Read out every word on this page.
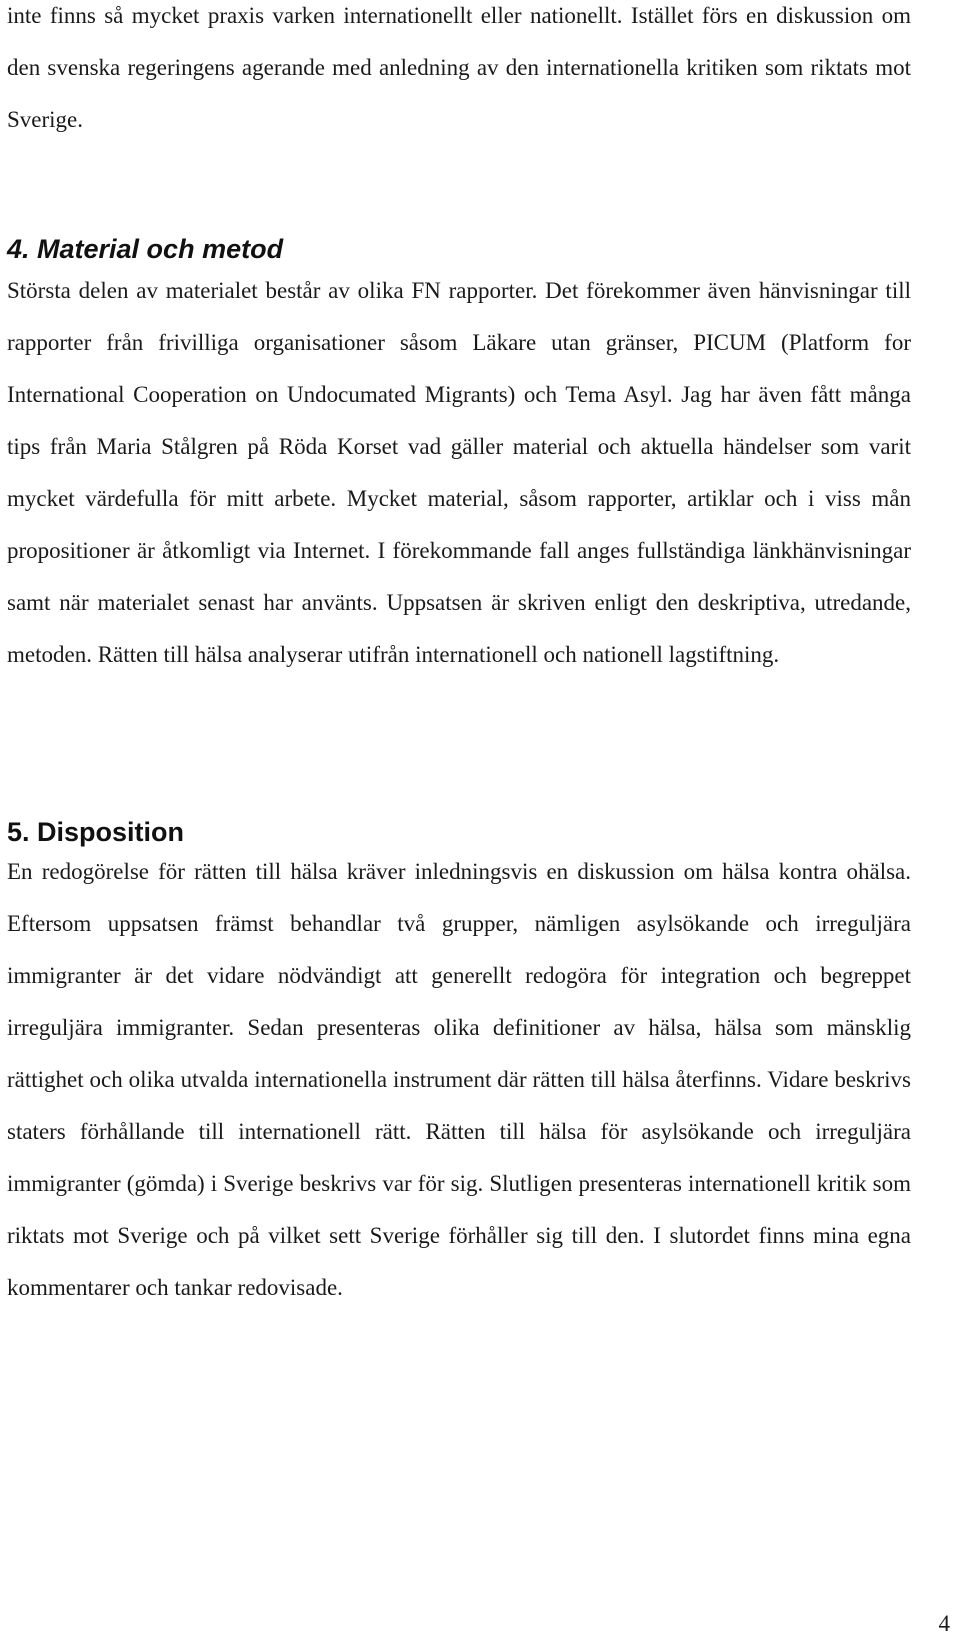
inte finns så mycket praxis varken internationellt eller nationellt. Istället förs en diskussion om den svenska regeringens agerande med anledning av den internationella kritiken som riktats mot Sverige.

4. Material och metod

Största delen av materialet består av olika FN rapporter. Det förekommer även hänvisningar till rapporter från frivilliga organisationer såsom Läkare utan gränser, PICUM (Platform for International Cooperation on Undocumated Migrants) och Tema Asyl. Jag har även fått många tips från Maria Stålgren på Röda Korset vad gäller material och aktuella händelser som varit mycket värdefulla för mitt arbete. Mycket material, såsom rapporter, artiklar och i viss mån propositioner är åtkomligt via Internet. I förekommande fall anges fullständiga länkhänvisningar samt när materialet senast har använts. Uppsatsen är skriven enligt den deskriptiva, utredande, metoden. Rätten till hälsa analyserar utifrån internationell och nationell lagstiftning.

5. Disposition

En redogörelse för rätten till hälsa kräver inledningsvis en diskussion om hälsa kontra ohälsa. Eftersom uppsatsen främst behandlar två grupper, nämligen asylsökande och irreguljära immigranter är det vidare nödvändigt att generellt redogöra för integration och begreppet irreguljära immigranter. Sedan presenteras olika definitioner av hälsa, hälsa som mänsklig rättighet och olika utvalda internationella instrument där rätten till hälsa återfinns. Vidare beskrivs staters förhållande till internationell rätt. Rätten till hälsa för asylsökande och irreguljära immigranter (gömda) i Sverige beskrivs var för sig. Slutligen presenteras internationell kritik som riktats mot Sverige och på vilket sett Sverige förhåller sig till den. I slutordet finns mina egna kommentarer och tankar redovisade.

4
